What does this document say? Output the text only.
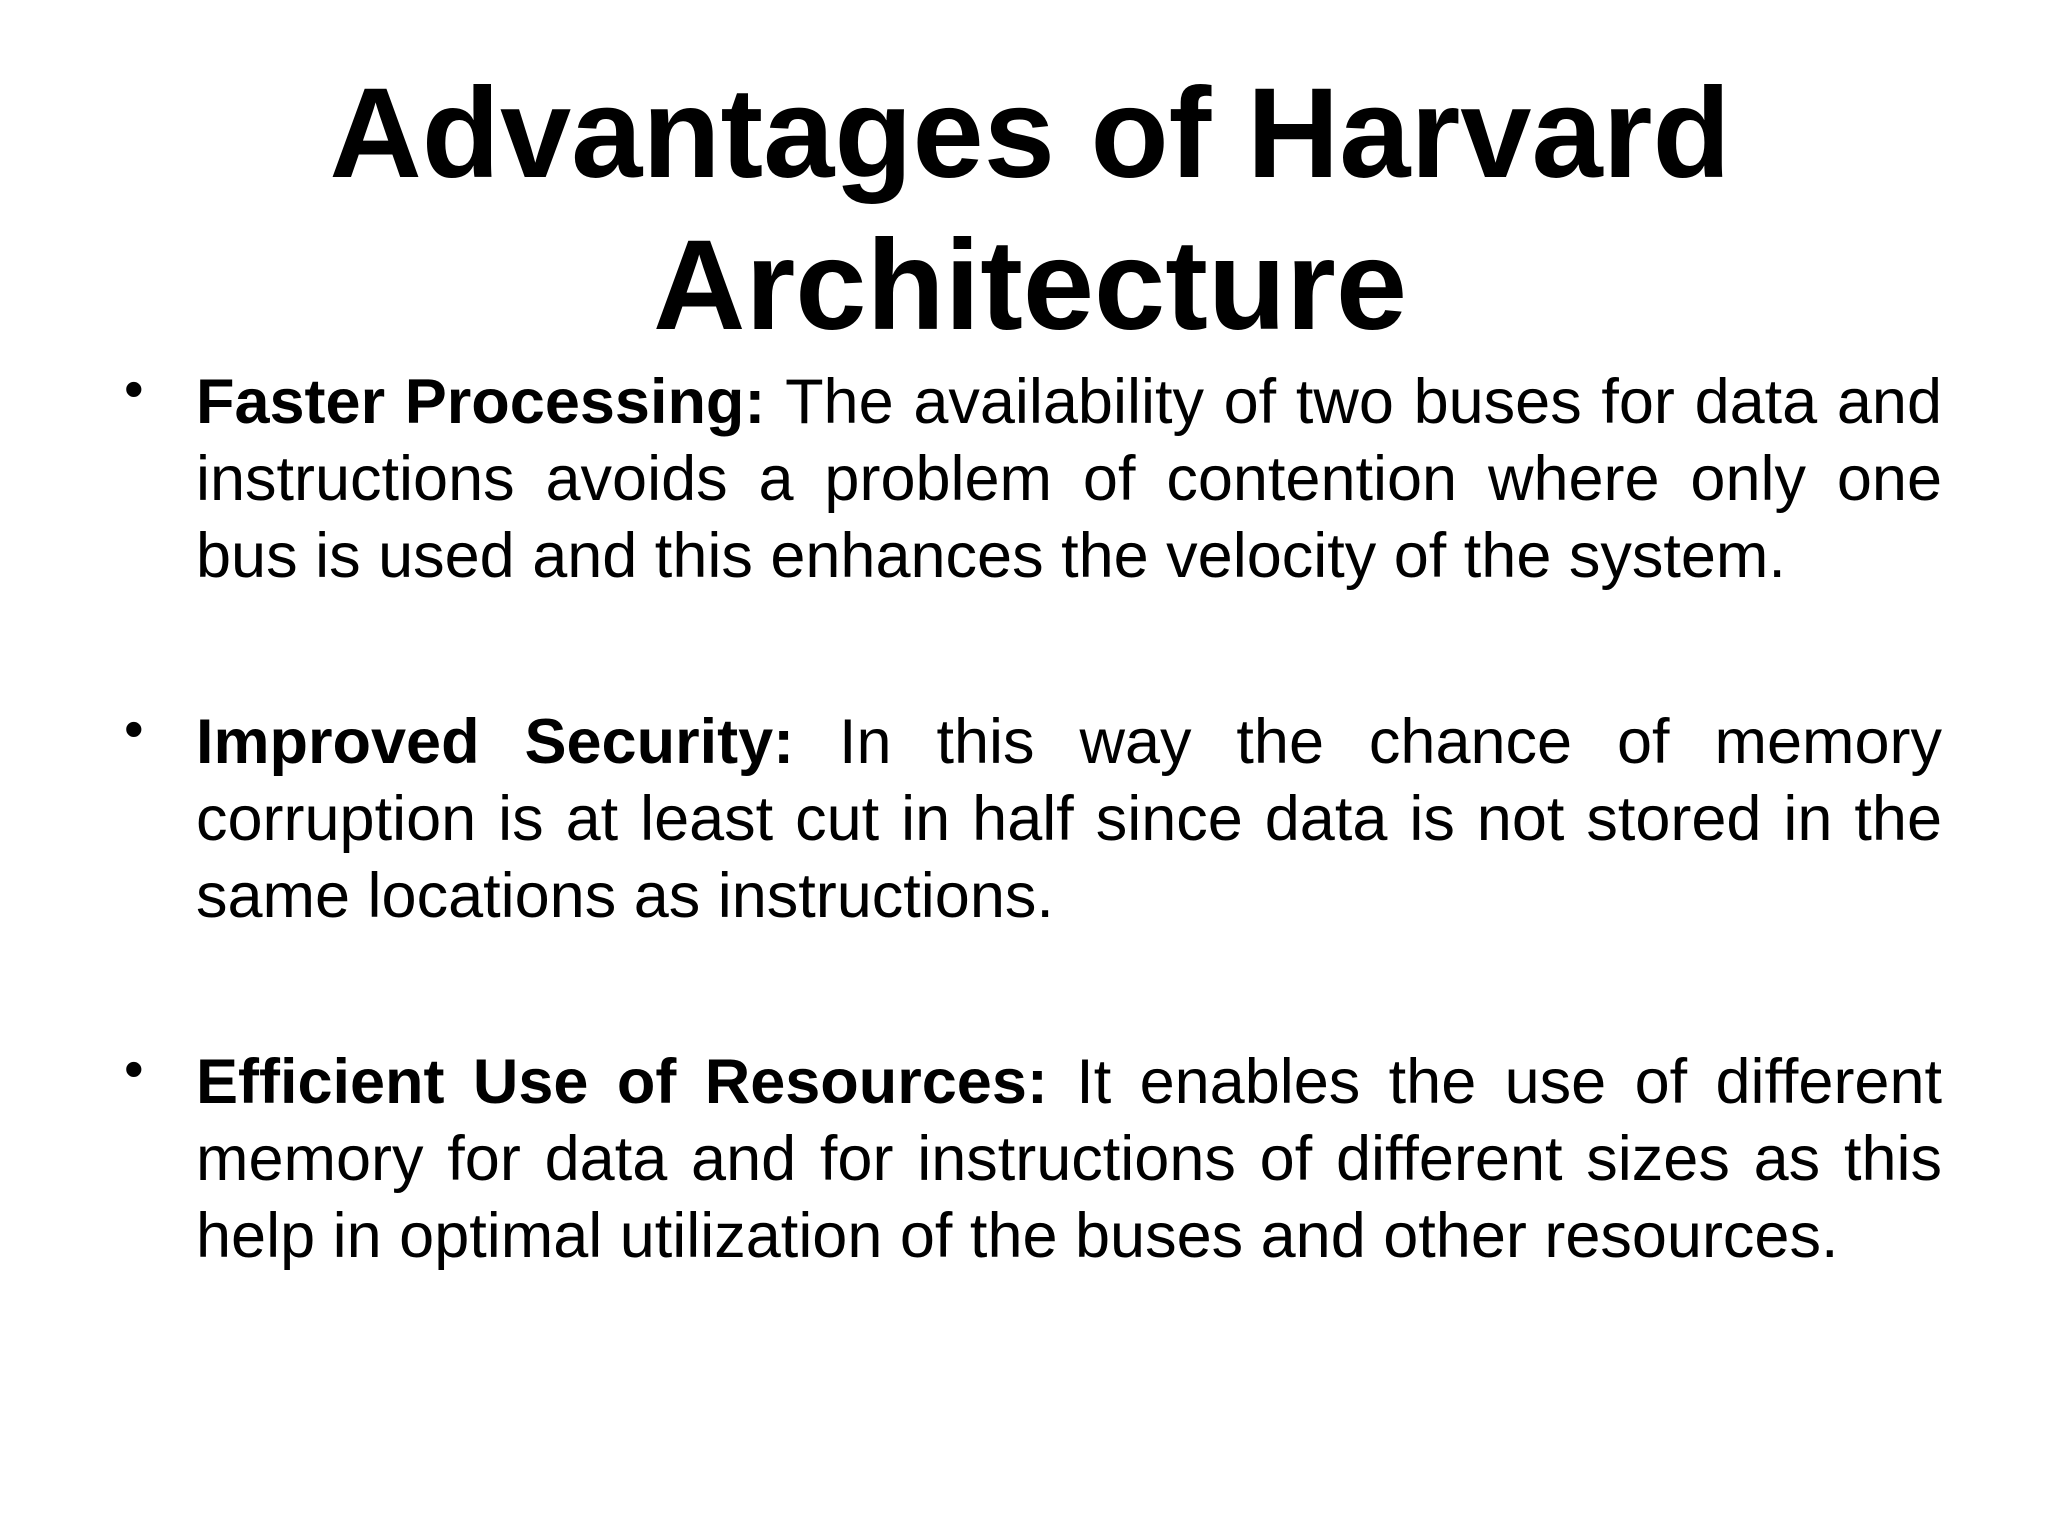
Advantages of Harvard Architecture
• Faster Processing: The availability of two buses for data and instructions avoids a problem of contention where only one bus is used and this enhances the velocity of the system.
• Improved Security: In this way the chance of memory corruption is at least cut in half since data is not stored in the same locations as instructions.
• Efficient Use of Resources: It enables the use of different memory for data and for instructions of different sizes as this help in optimal utilization of the buses and other resources.
